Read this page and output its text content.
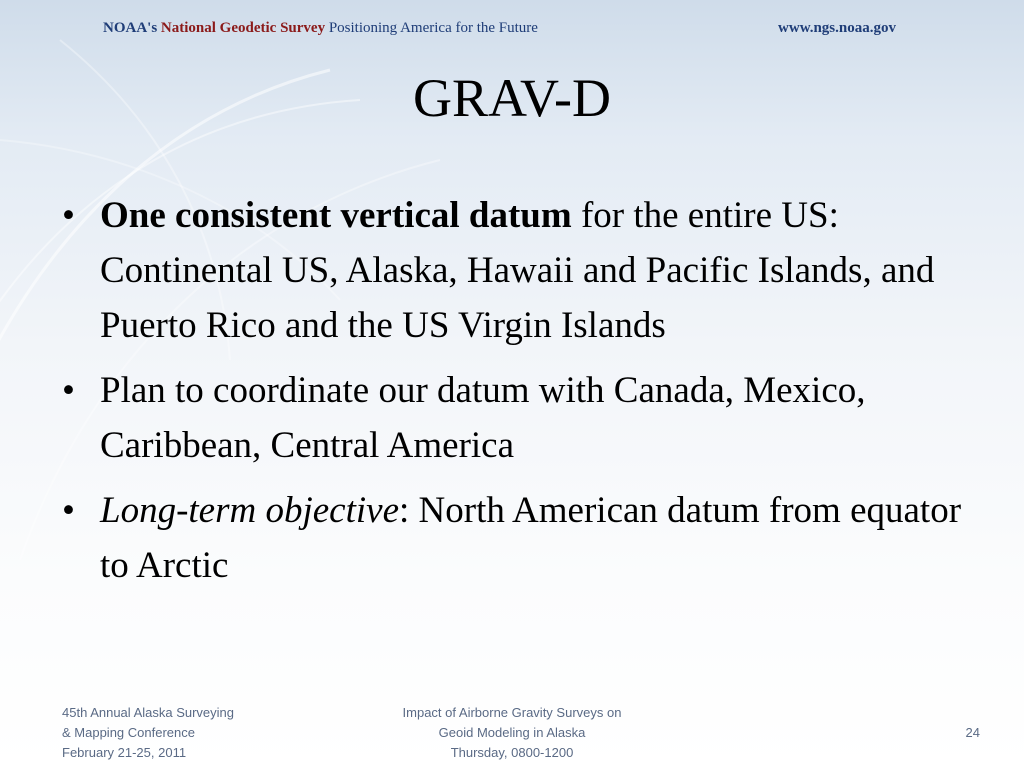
NOAA's National Geodetic Survey Positioning America for the Future	www.ngs.noaa.gov
GRAV-D
• One consistent vertical datum for the entire US: Continental US, Alaska, Hawaii and Pacific Islands, and Puerto Rico and the US Virgin Islands
• Plan to coordinate our datum with Canada, Mexico, Caribbean, Central America
• Long-term objective: North American datum from equator to Arctic
45th Annual Alaska Surveying
& Mapping Conference
February 21-25, 2011
Impact of Airborne Gravity Surveys on
Geoid Modeling in Alaska
Thursday, 0800-1200
24
